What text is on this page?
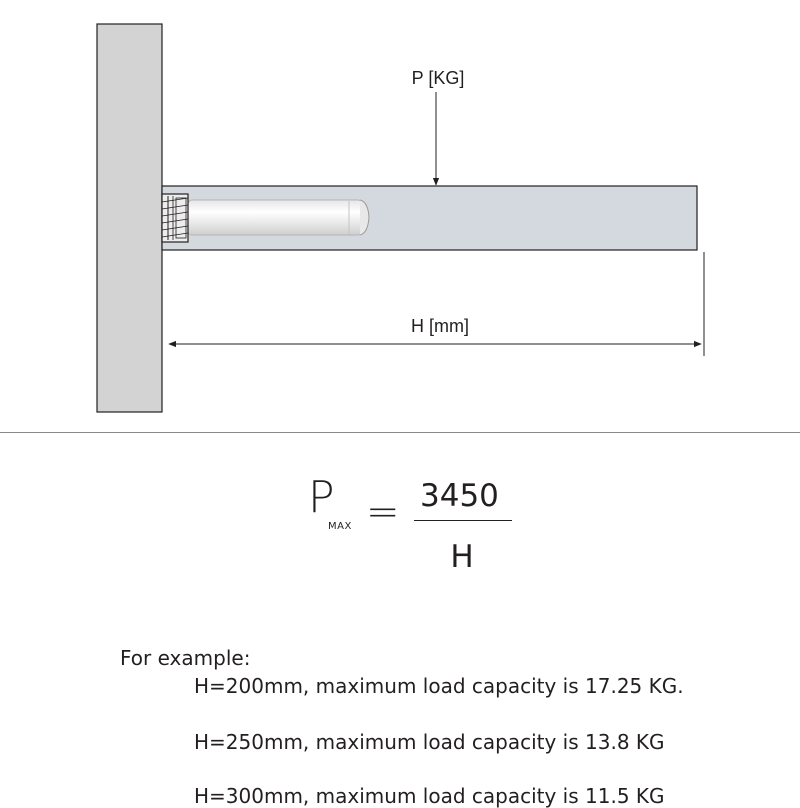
P [KG]
H [mm]
P
MAX = 3450
H
For example:
H=200mm, maximum load capacity is 17.25 KG.
H=250mm, maximum load capacity is 13.8 KG
H=300mm, maximum load capacity is 11.5 KG
